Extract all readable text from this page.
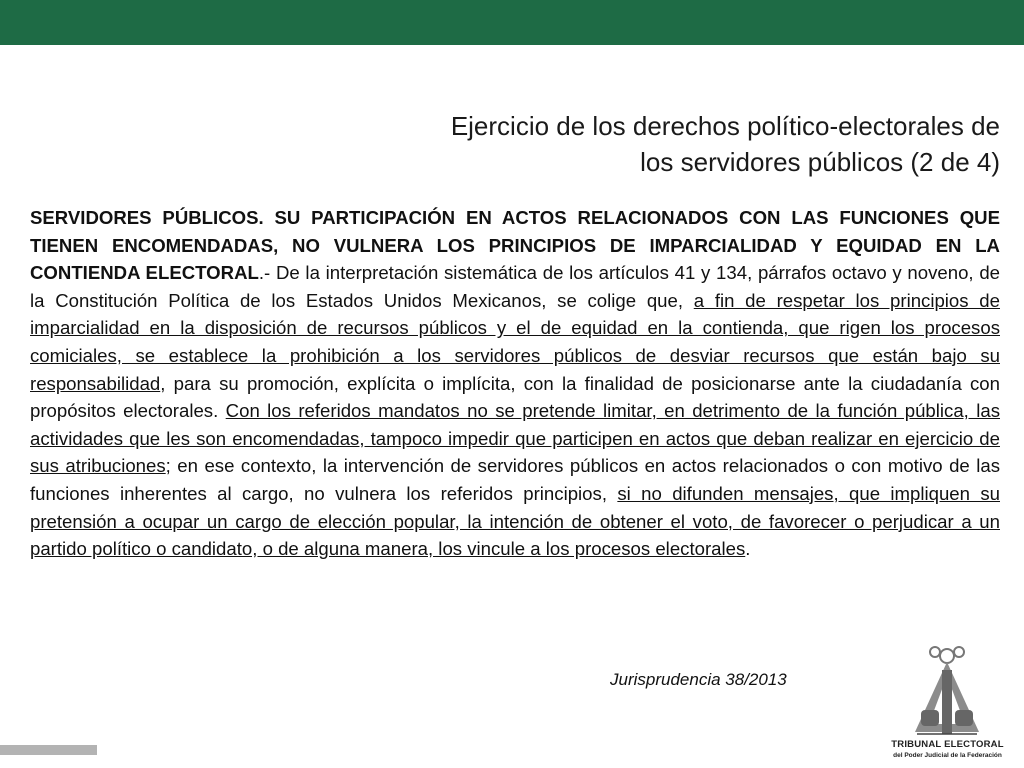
Ejercicio de los derechos político-electorales de
los servidores públicos (2 de 4)
SERVIDORES PÚBLICOS. SU PARTICIPACIÓN EN ACTOS RELACIONADOS CON LAS FUNCIONES QUE TIENEN ENCOMENDADAS, NO VULNERA LOS PRINCIPIOS DE IMPARCIALIDAD Y EQUIDAD EN LA CONTIENDA ELECTORAL.- De la interpretación sistemática de los artículos 41 y 134, párrafos octavo y noveno, de la Constitución Política de los Estados Unidos Mexicanos, se colige que, a fin de respetar los principios de imparcialidad en la disposición de recursos públicos y el de equidad en la contienda, que rigen los procesos comiciales, se establece la prohibición a los servidores públicos de desviar recursos que están bajo su responsabilidad, para su promoción, explícita o implícita, con la finalidad de posicionarse ante la ciudadanía con propósitos electorales. Con los referidos mandatos no se pretende limitar, en detrimento de la función pública, las actividades que les son encomendadas, tampoco impedir que participen en actos que deban realizar en ejercicio de sus atribuciones; en ese contexto, la intervención de servidores públicos en actos relacionados o con motivo de las funciones inherentes al cargo, no vulnera los referidos principios, si no difunden mensajes, que impliquen su pretensión a ocupar un cargo de elección popular, la intención de obtener el voto, de favorecer o perjudicar a un partido político o candidato, o de alguna manera, los vincule a los procesos electorales.
Jurisprudencia 38/2013
TRIBUNAL ELECTORAL
del Poder Judicial de la Federación
